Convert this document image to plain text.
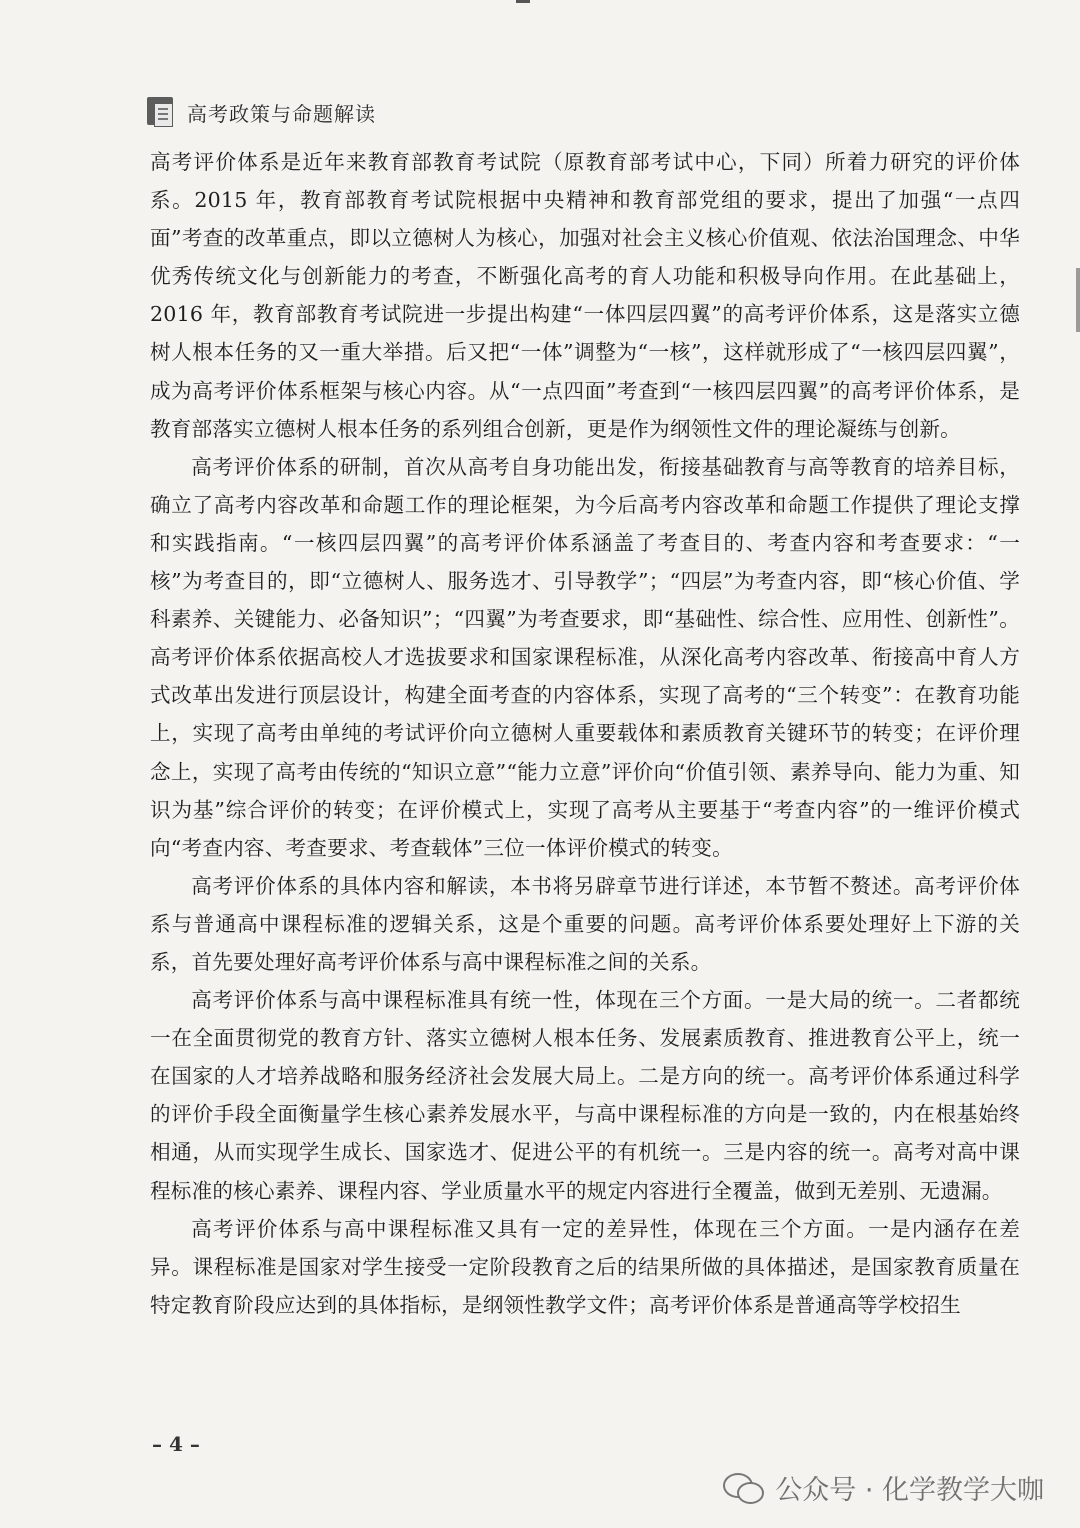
高考政策与命题解读

高考评价体系是近年来教育部教育考试院（原教育部考试中心，下同）所着力研究的评价体系。2015 年，教育部教育考试院根据中央精神和教育部党组的要求，提出了加强“一点四面”考查的改革重点，即以立德树人为核心，加强对社会主义核心价值观、依法治国理念、中华优秀传统文化与创新能力的考查，不断强化高考的育人功能和积极导向作用。在此基础上，2016 年，教育部教育考试院进一步提出构建“一体四层四翼”的高考评价体系，这是落实立德树人根本任务的又一重大举措。后又把“一体”调整为“一核”，这样就形成了“一核四层四翼”，成为高考评价体系框架与核心内容。从“一点四面”考查到“一核四层四翼”的高考评价体系，是教育部落实立德树人根本任务的系列组合创新，更是作为纲领性文件的理论凝练与创新。

高考评价体系的研制，首次从高考自身功能出发，衔接基础教育与高等教育的培养目标，确立了高考内容改革和命题工作的理论框架，为今后高考内容改革和命题工作提供了理论支撑和实践指南。“一核四层四翼”的高考评价体系涵盖了考查目的、考查内容和考查要求：“一核”为考查目的，即“立德树人、服务选才、引导教学”；“四层”为考查内容，即“核心价值、学科素养、关键能力、必备知识”；“四翼”为考查要求，即“基础性、综合性、应用性、创新性”。高考评价体系依据高校人才选拔要求和国家课程标准，从深化高考内容改革、衔接高中育人方式改革出发进行顶层设计，构建全面考查的内容体系，实现了高考的“三个转变”：在教育功能上，实现了高考由单纯的考试评价向立德树人重要载体和素质教育关键环节的转变；在评价理念上，实现了高考由传统的“知识立意”“能力立意”评价向“价值引领、素养导向、能力为重、知识为基”综合评价的转变；在评价模式上，实现了高考从主要基于“考查内容”的一维评价模式向“考查内容、考查要求、考查载体”三位一体评价模式的转变。

高考评价体系的具体内容和解读，本书将另辟章节进行详述，本节暂不赘述。高考评价体系与普通高中课程标准的逻辑关系，这是个重要的问题。高考评价体系要处理好上下游的关系，首先要处理好高考评价体系与高中课程标准之间的关系。

高考评价体系与高中课程标准具有统一性，体现在三个方面。一是大局的统一。二者都统一在全面贯彻党的教育方针、落实立德树人根本任务、发展素质教育、推进教育公平上，统一在国家的人才培养战略和服务经济社会发展大局上。二是方向的统一。高考评价体系通过科学的评价手段全面衡量学生核心素养发展水平，与高中课程标准的方向是一致的，内在根基始终相通，从而实现学生成长、国家选才、促进公平的有机统一。三是内容的统一。高考对高中课程标准的核心素养、课程内容、学业质量水平的规定内容进行全覆盖，做到无差别、无遗漏。

高考评价体系与高中课程标准又具有一定的差异性，体现在三个方面。一是内涵存在差异。课程标准是国家对学生接受一定阶段教育之后的结果所做的具体描述，是国家教育质量在特定教育阶段应达到的具体指标，是纲领性教学文件；高考评价体系是普通高等学校招生

– 4 –
公众号 · 化学教学大咖
